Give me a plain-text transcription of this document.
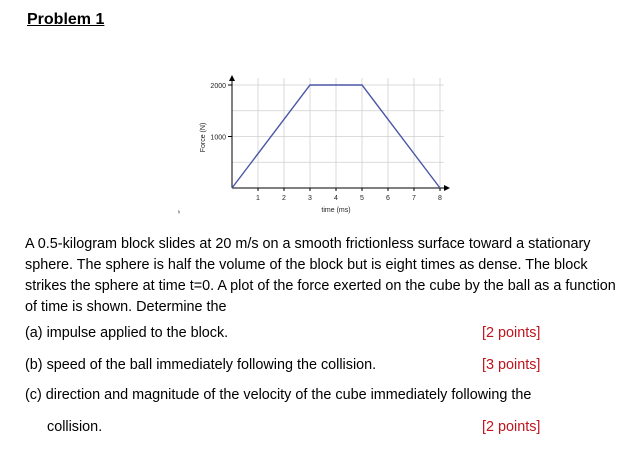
Problem 1
1000
2000
1	2	3	4	5	6	7	8
time (ms)
Force (N)
ʰ
A 0.5-kilogram block slides at 20 m/s on a smooth frictionless surface toward a stationary sphere. The sphere is half the volume of the block but is eight times as dense. The block strikes the sphere at time t=0. A plot of the force exerted on the cube by the ball as a function of time is shown. Determine the
(a) impulse applied to the block.	[2 points]
(b) speed of the ball immediately following the collision.	[3 points]
(c) direction and magnitude of the velocity of the cube immediately following the
collision.	[2 points]
